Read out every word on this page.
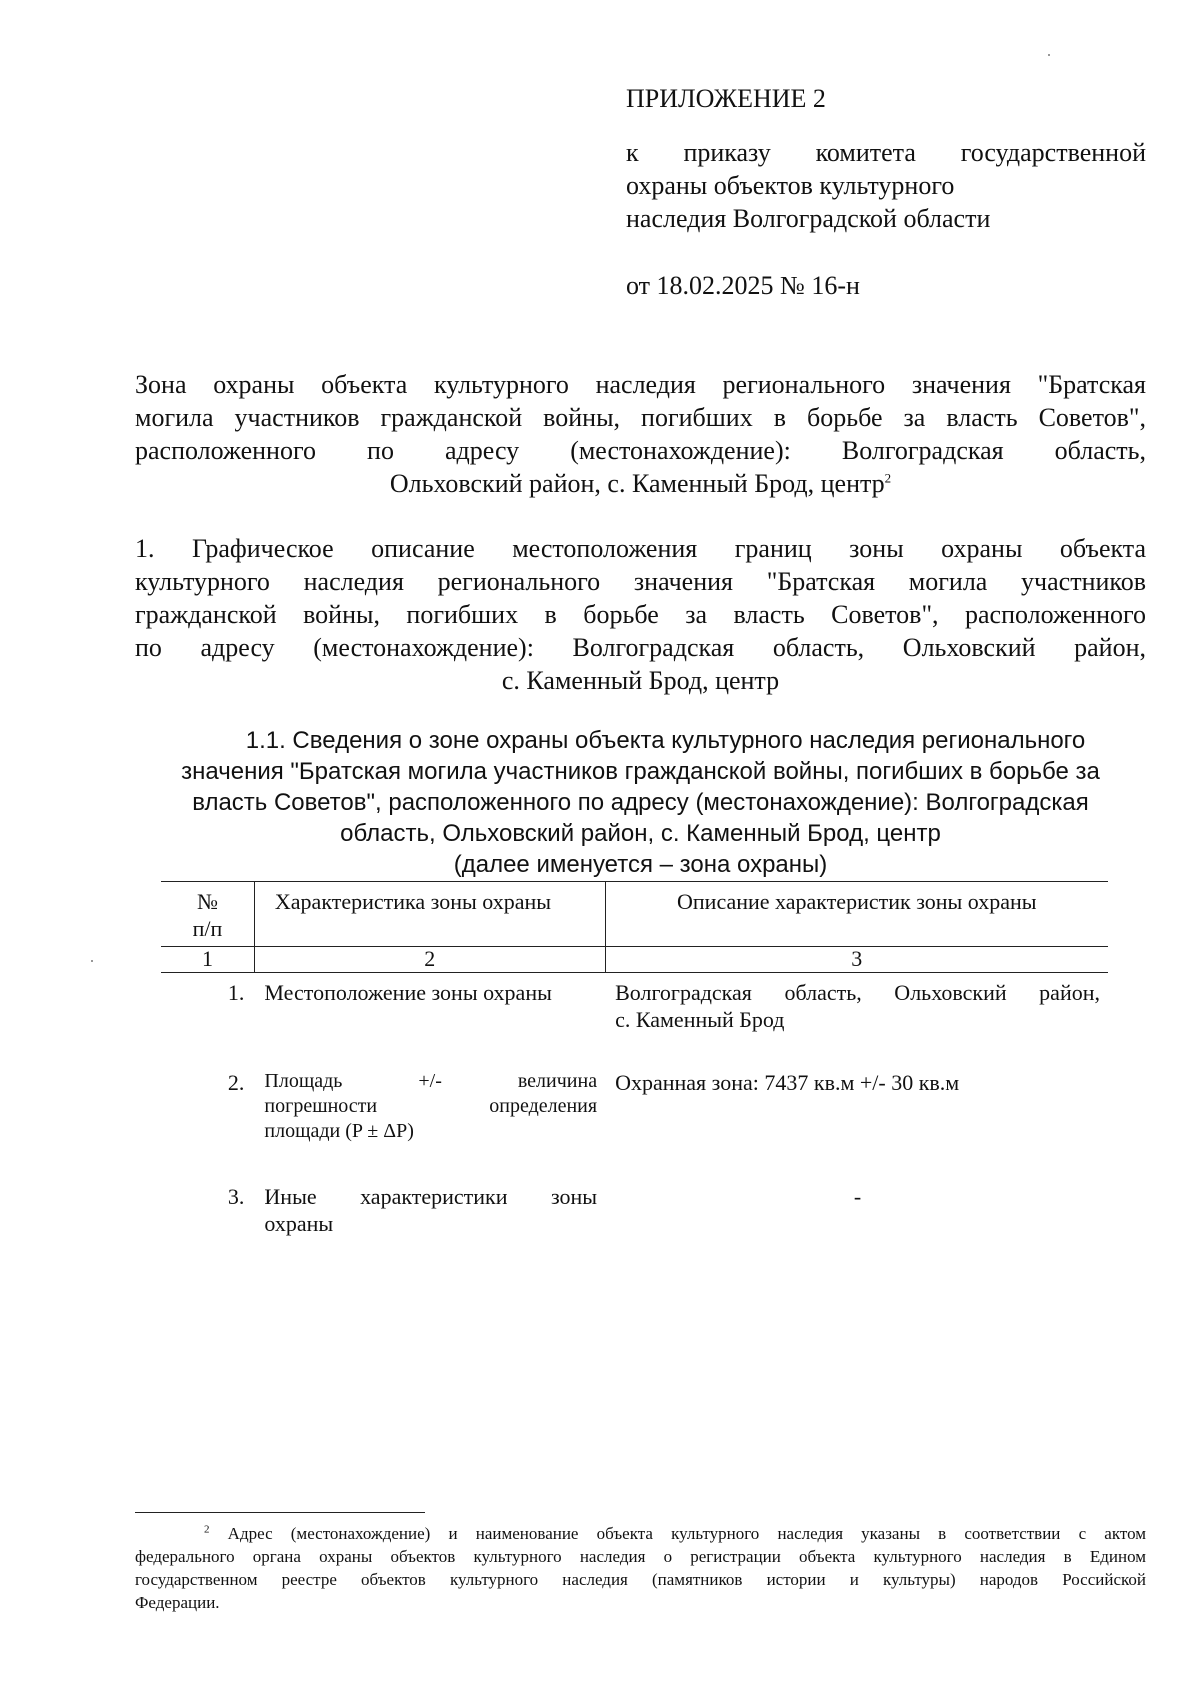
ПРИЛОЖЕНИЕ 2
к приказу комитета государственной
охраны объектов культурного
наследия Волгоградской области
от 18.02.2025 № 16-н
Зона охраны объекта культурного наследия регионального значения "Братская
могила участников гражданской войны, погибших в борьбе за власть Советов",
расположенного по адресу (местонахождение): Волгоградская область,
Ольховский район, с. Каменный Брод, центр$^2$
1. Графическое описание местоположения границ зоны охраны объекта
культурного наследия регионального значения "Братская могила участников
гражданской войны, погибших в борьбе за власть Советов", расположенного
по адресу (местонахождение): Волгоградская область, Ольховский район,
с. Каменный Брод, центр
1.1. Сведения о зоне охраны объекта культурного наследия регионального
значения "Братская могила участников гражданской войны, погибших в борьбе за
власть Советов", расположенного по адресу (местонахождение): Волгоградская
область, Ольховский район, с. Каменный Брод, центр
(далее именуется – зона охраны)
№
п/п	Характеристика зоны охраны	Описание характеристик зоны охраны
1	2	3
1.	Местоположение зоны охраны	Волгоградская область, Ольховский район,
с. Каменный Брод

2.	Площадь +/- величина
погрешности определения
площади (P ± ΔP)	Охранная зона: 7437 кв.м +/- 30 кв.м
3.	Иные характеристики зоны
охраны	-
$^2$ Адрес (местонахождение) и наименование объекта культурного наследия указаны в соответствии с актом
федерального органа охраны объектов культурного наследия о регистрации объекта культурного наследия в Едином
государственном реестре объектов культурного наследия (памятников истории и культуры) народов Российской
Федерации.
